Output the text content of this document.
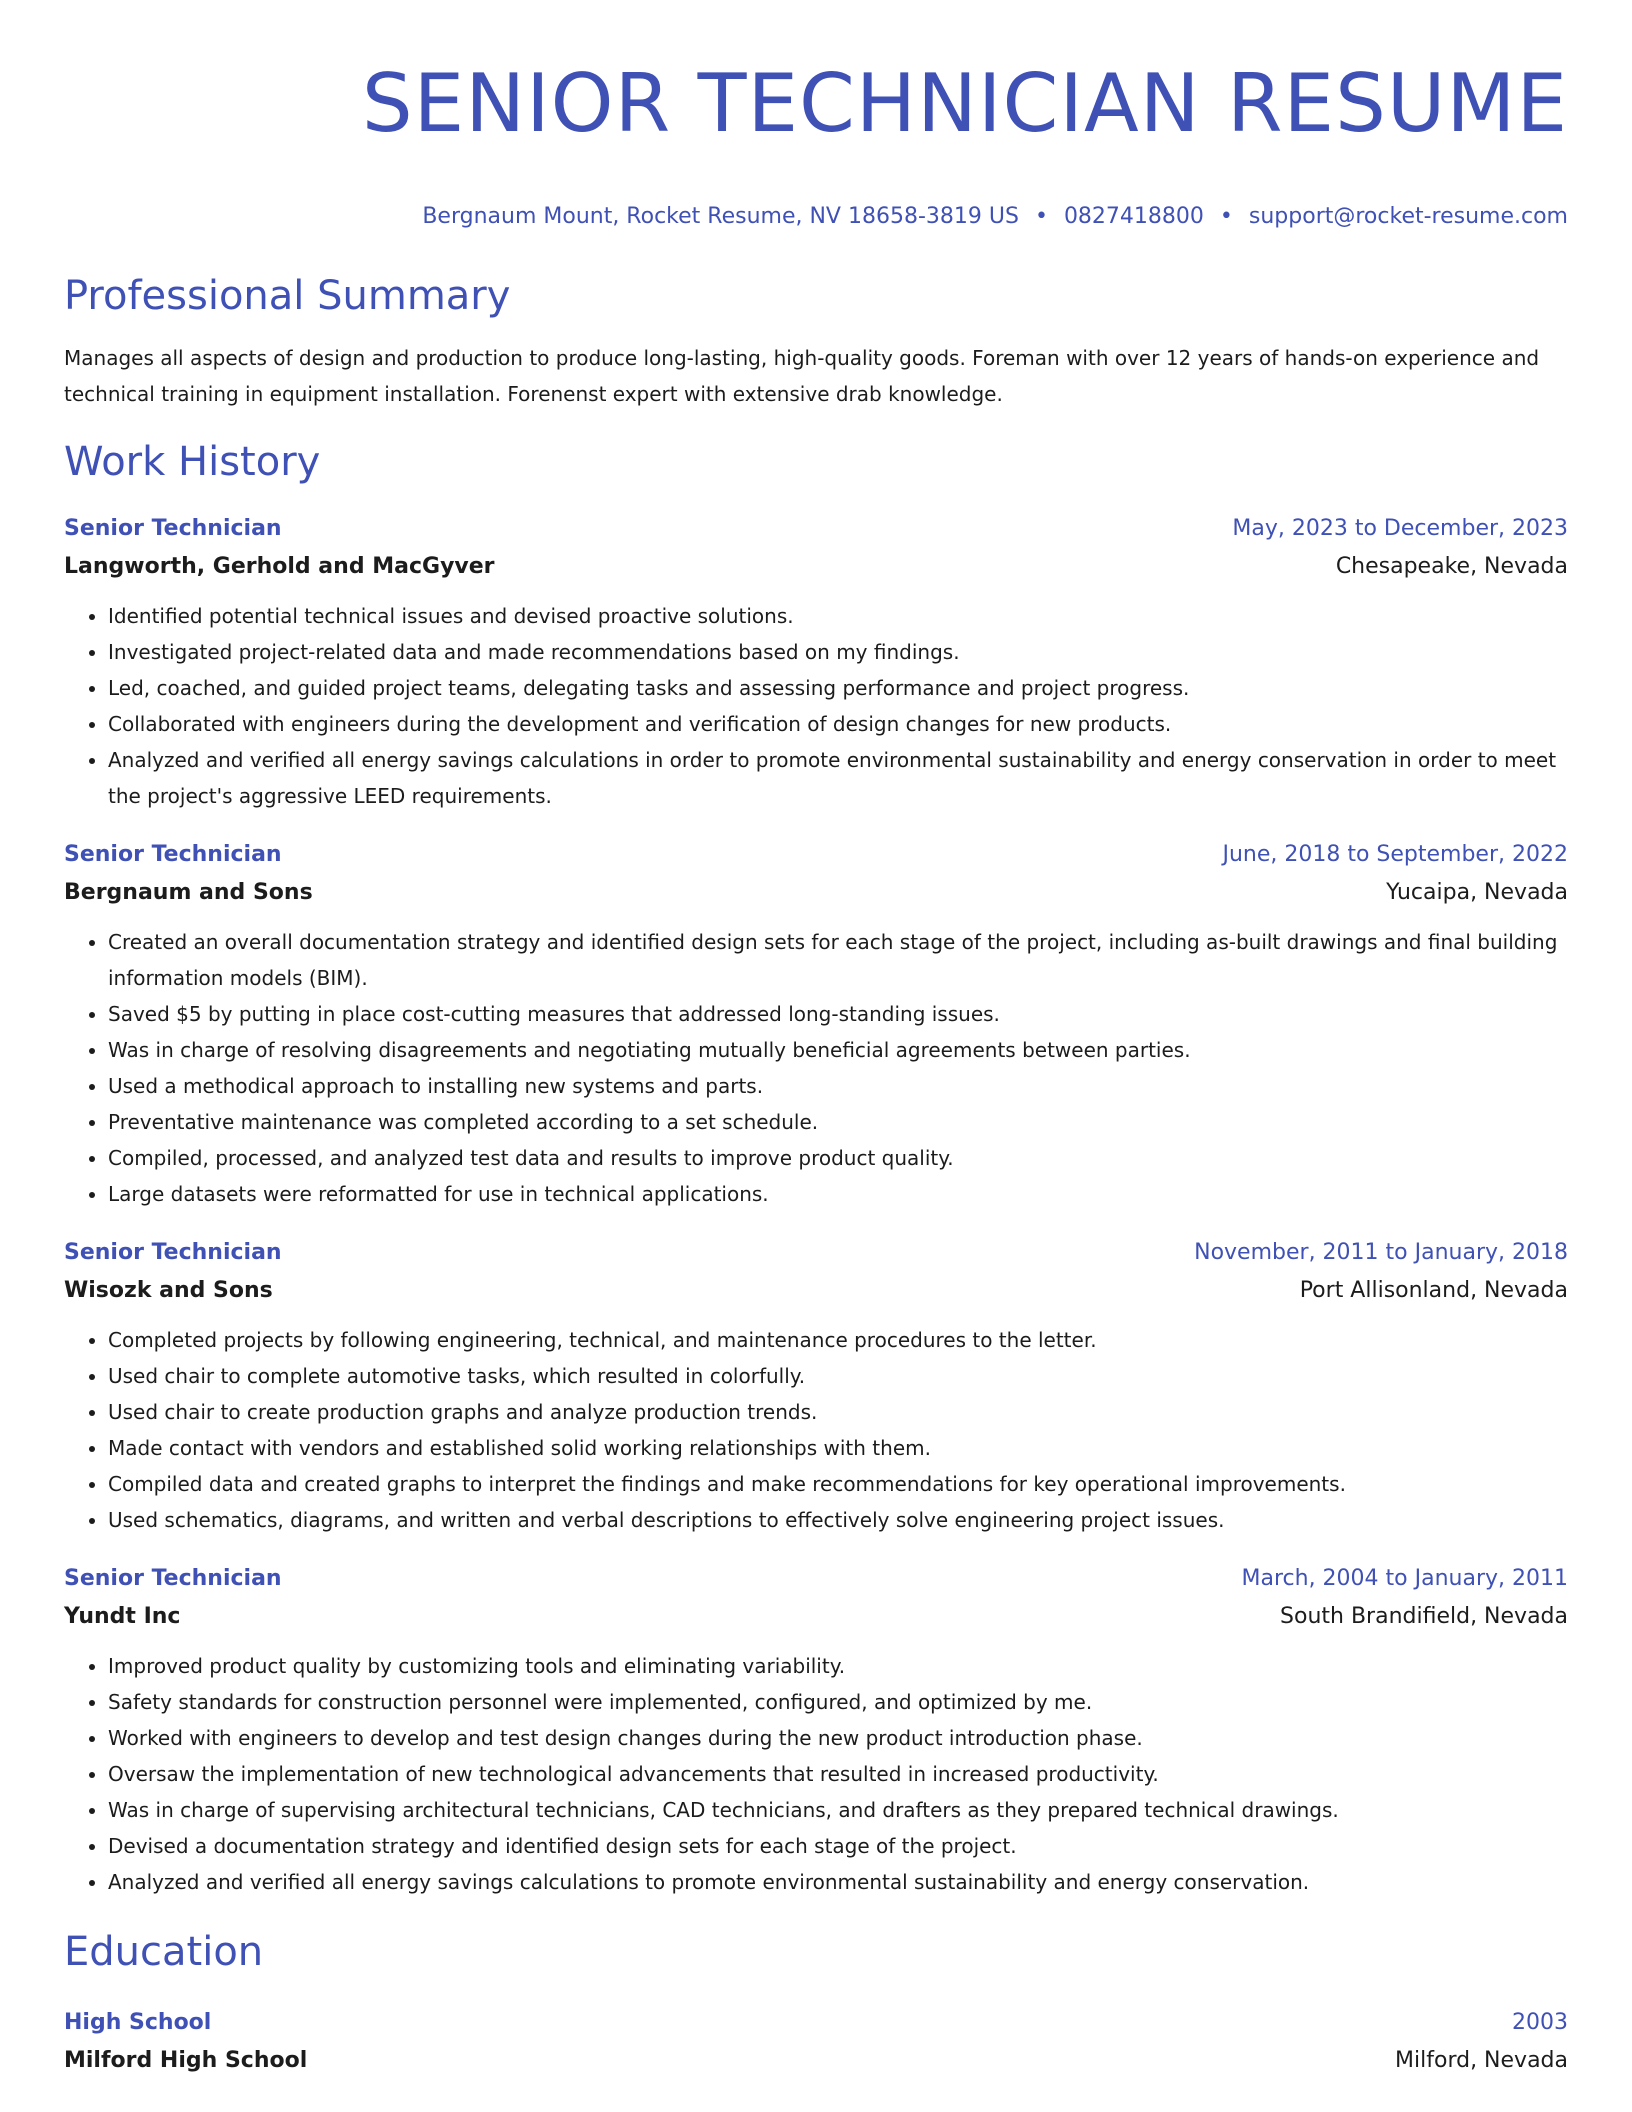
SENIOR TECHNICIAN RESUME
Bergnaum Mount, Rocket Resume, NV 18658-3819 US • 0827418800 • support@rocket-resume.com
Professional Summary
Manages all aspects of design and production to produce long-lasting, high-quality goods. Foreman with over 12 years of hands-on experience and technical training in equipment installation. Forenenst expert with extensive drab knowledge.
Work History
Senior Technician	May, 2023 to December, 2023
Langworth, Gerhold and MacGyver	Chesapeake, Nevada
• Identified potential technical issues and devised proactive solutions.
• Investigated project-related data and made recommendations based on my findings.
• Led, coached, and guided project teams, delegating tasks and assessing performance and project progress.
• Collaborated with engineers during the development and verification of design changes for new products.
• Analyzed and verified all energy savings calculations in order to promote environmental sustainability and energy conservation in order to meet the project's aggressive LEED requirements.
Senior Technician	June, 2018 to September, 2022
Bergnaum and Sons	Yucaipa, Nevada
• Created an overall documentation strategy and identified design sets for each stage of the project, including as-built drawings and final building information models (BIM).
• Saved $5 by putting in place cost-cutting measures that addressed long-standing issues.
• Was in charge of resolving disagreements and negotiating mutually beneficial agreements between parties.
• Used a methodical approach to installing new systems and parts.
• Preventative maintenance was completed according to a set schedule.
• Compiled, processed, and analyzed test data and results to improve product quality.
• Large datasets were reformatted for use in technical applications.
Senior Technician	November, 2011 to January, 2018
Wisozk and Sons	Port Allisonland, Nevada
• Completed projects by following engineering, technical, and maintenance procedures to the letter.
• Used chair to complete automotive tasks, which resulted in colorfully.
• Used chair to create production graphs and analyze production trends.
• Made contact with vendors and established solid working relationships with them.
• Compiled data and created graphs to interpret the findings and make recommendations for key operational improvements.
• Used schematics, diagrams, and written and verbal descriptions to effectively solve engineering project issues.
Senior Technician	March, 2004 to January, 2011
Yundt Inc	South Brandifield, Nevada
• Improved product quality by customizing tools and eliminating variability.
• Safety standards for construction personnel were implemented, configured, and optimized by me.
• Worked with engineers to develop and test design changes during the new product introduction phase.
• Oversaw the implementation of new technological advancements that resulted in increased productivity.
• Was in charge of supervising architectural technicians, CAD technicians, and drafters as they prepared technical drawings.
• Devised a documentation strategy and identified design sets for each stage of the project.
• Analyzed and verified all energy savings calculations to promote environmental sustainability and energy conservation.
Education
High School	2003
Milford High School	Milford, Nevada
